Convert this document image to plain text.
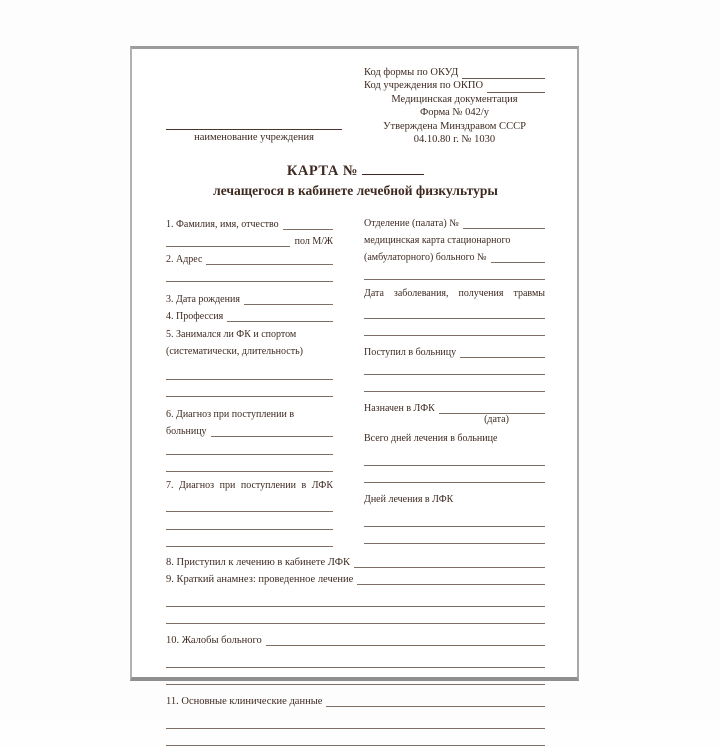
наименование учреждения
Код формы по ОКУД
Код учреждения по ОКПО
Медицинская документация
Форма № 042/у
Утверждена Минздравом СССР
04.10.80 г. № 1030
КАРТА №
лечащегося в кабинете лечебной физкультуры
1. Фамилия, имя, отчество
пол М/Ж
2. Адрес
3. Дата рождения
4. Профессия
5. Занимался ли ФК и спортом
(систематически, длительность)
6. Диагноз при поступлении в
больницу
7. Диагноз при поступлении в ЛФК
Отделение (палата) №
медицинская карта стационарного
(амбулаторного) больного №
Дата заболевания, получения травмы
Поступил в больницу
Назначен в ЛФК
(дата)
Всего дней лечения в больнице
Дней лечения в ЛФК
8. Приступил к лечению в кабинете ЛФК
9. Краткий анамнез: проведенное лечение
10. Жалобы больного
11. Основные клинические данные
